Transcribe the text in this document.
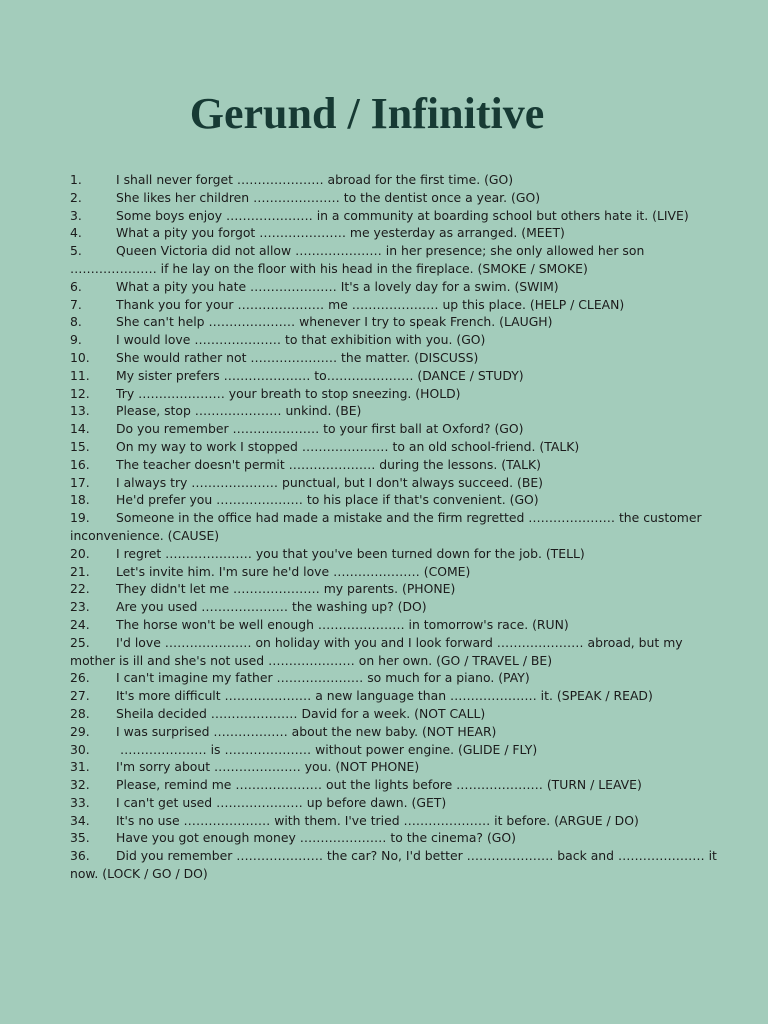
Gerund / Infinitive
1.	I shall never forget ………………… abroad for the first time. (GO)
2.	She likes her children ………………… to the dentist once a year. (GO)
3.	Some boys enjoy ………………… in a community at boarding school but others hate it. (LIVE)
4.	What a pity you forgot ………………… me yesterday as arranged. (MEET)
5.	Queen Victoria did not allow ………………… in her presence; she only allowed her son
………………… if he lay on the floor with his head in the fireplace. (SMOKE / SMOKE)
6.	What a pity you hate ………………… It's a lovely day for a swim. (SWIM)
7.	Thank you for your ………………… me ………………… up this place. (HELP / CLEAN)
8.	She can't help ………………… whenever I try to speak French. (LAUGH)
9.	I would love ………………… to that exhibition with you. (GO)
10. She would rather not ………………… the matter. (DISCUSS)
11. My sister prefers ………………… to………………… (DANCE / STUDY)
12. Try ………………… your breath to stop sneezing. (HOLD)
13. Please, stop ………………… unkind. (BE)
14. Do you remember ………………… to your first ball at Oxford? (GO)
15. On my way to work I stopped ………………… to an old school-friend. (TALK)
16. The teacher doesn't permit ………………… during the lessons. (TALK)
17. I always try ………………… punctual, but I don't always succeed. (BE)
18. He'd prefer you ………………… to his place if that's convenient. (GO)
19. Someone in the office had made a mistake and the firm regretted ………………… the customer
inconvenience. (CAUSE)
20. I regret ………………… you that you've been turned down for the job. (TELL)
21. Let's invite him. I'm sure he'd love ………………… (COME)
22. They didn't let me ………………… my parents. (PHONE)
23. Are you used ………………… the washing up? (DO)
24. The horse won't be well enough ………………… in tomorrow's race. (RUN)
25. I'd love ………………… on holiday with you and I look forward ………………… abroad, but my
mother is ill and she's not used ………………… on her own. (GO / TRAVEL / BE)
26. I can't imagine my father ………………… so much for a piano. (PAY)
27. It's more difficult ………………… a new language than ………………… it. (SPEAK / READ)
28. Sheila decided ………………… David for a week. (NOT CALL)
29. I was surprised ……………… about the new baby. (NOT HEAR)
30. ………………… is ………………… without power engine. (GLIDE / FLY)
31. I'm sorry about ………………… you. (NOT PHONE)
32. Please, remind me ………………… out the lights before ………………… (TURN / LEAVE)
33. I can't get used ………………… up before dawn. (GET)
34. It's no use ………………… with them. I've tried ………………… it before. (ARGUE / DO)
35. Have you got enough money ………………… to the cinema? (GO)
36. Did you remember ………………… the car? No, I'd better ………………… back and ………………… it
now. (LOCK / GO / DO)
